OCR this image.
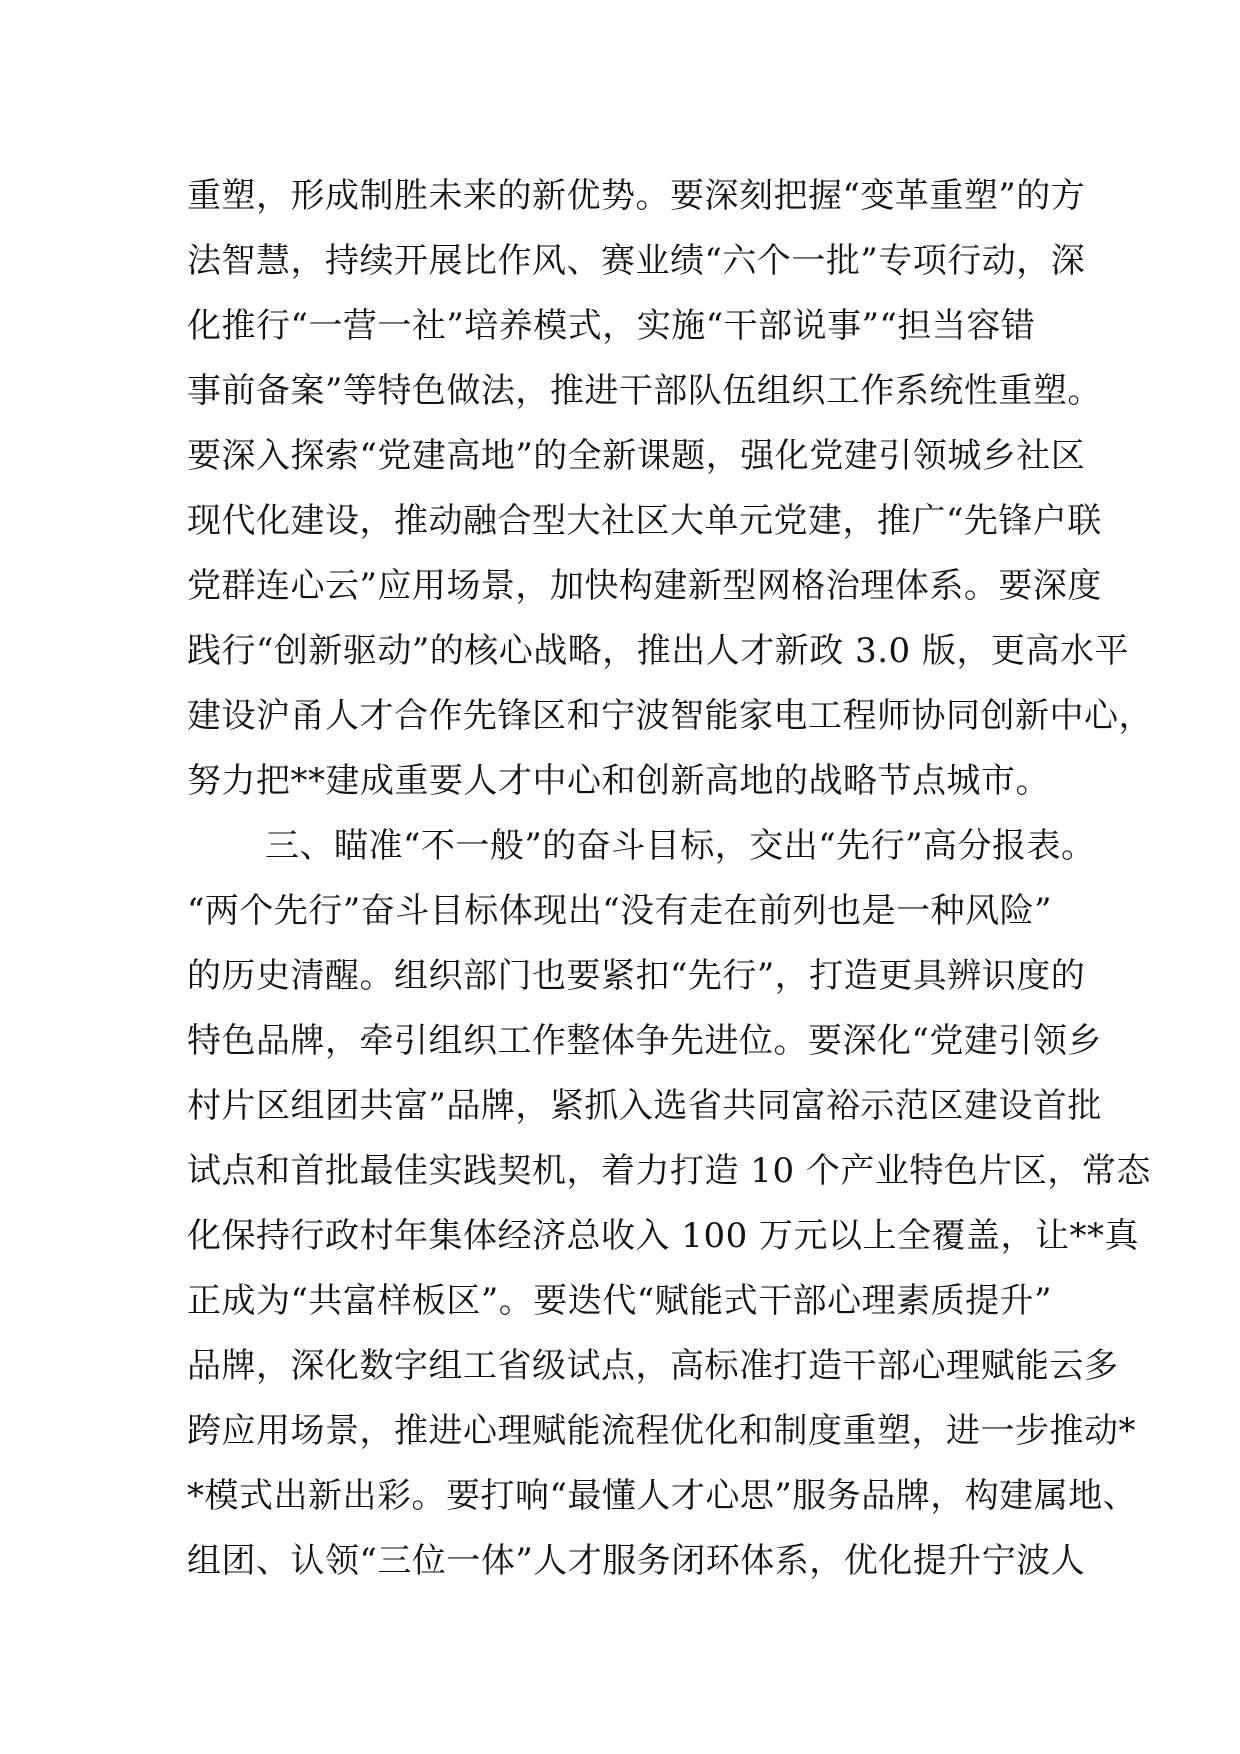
重塑，形成制胜未来的新优势。要深刻把握“变革重塑”的方
法智慧，持续开展比作风、赛业绩“六个一批”专项行动，深
化推行“一营一社”培养模式，实施“干部说事”“担当容错
事前备案”等特色做法，推进干部队伍组织工作系统性重塑。
要深入探索“党建高地”的全新课题，强化党建引领城乡社区
现代化建设，推动融合型大社区大单元党建，推广“先锋户联
党群连心云”应用场景，加快构建新型网格治理体系。要深度
践行“创新驱动”的核心战略，推出人才新政 3.0 版，更高水平
建设沪甬人才合作先锋区和宁波智能家电工程师协同创新中心，
努力把**建成重要人才中心和创新高地的战略节点城市。
三、瞄准“不一般”的奋斗目标，交出“先行”高分报表。
“两个先行”奋斗目标体现出“没有走在前列也是一种风险”
的历史清醒。组织部门也要紧扣“先行”，打造更具辨识度的
特色品牌，牵引组织工作整体争先进位。要深化“党建引领乡
村片区组团共富”品牌，紧抓入选省共同富裕示范区建设首批
试点和首批最佳实践契机，着力打造 10 个产业特色片区，常态
化保持行政村年集体经济总收入 100 万元以上全覆盖，让**真
正成为“共富样板区”。要迭代“赋能式干部心理素质提升”
品牌，深化数字组工省级试点，高标准打造干部心理赋能云多
跨应用场景，推进心理赋能流程优化和制度重塑，进一步推动*
*模式出新出彩。要打响“最懂人才心思”服务品牌，构建属地、
组团、认领“三位一体”人才服务闭环体系，优化提升宁波人
